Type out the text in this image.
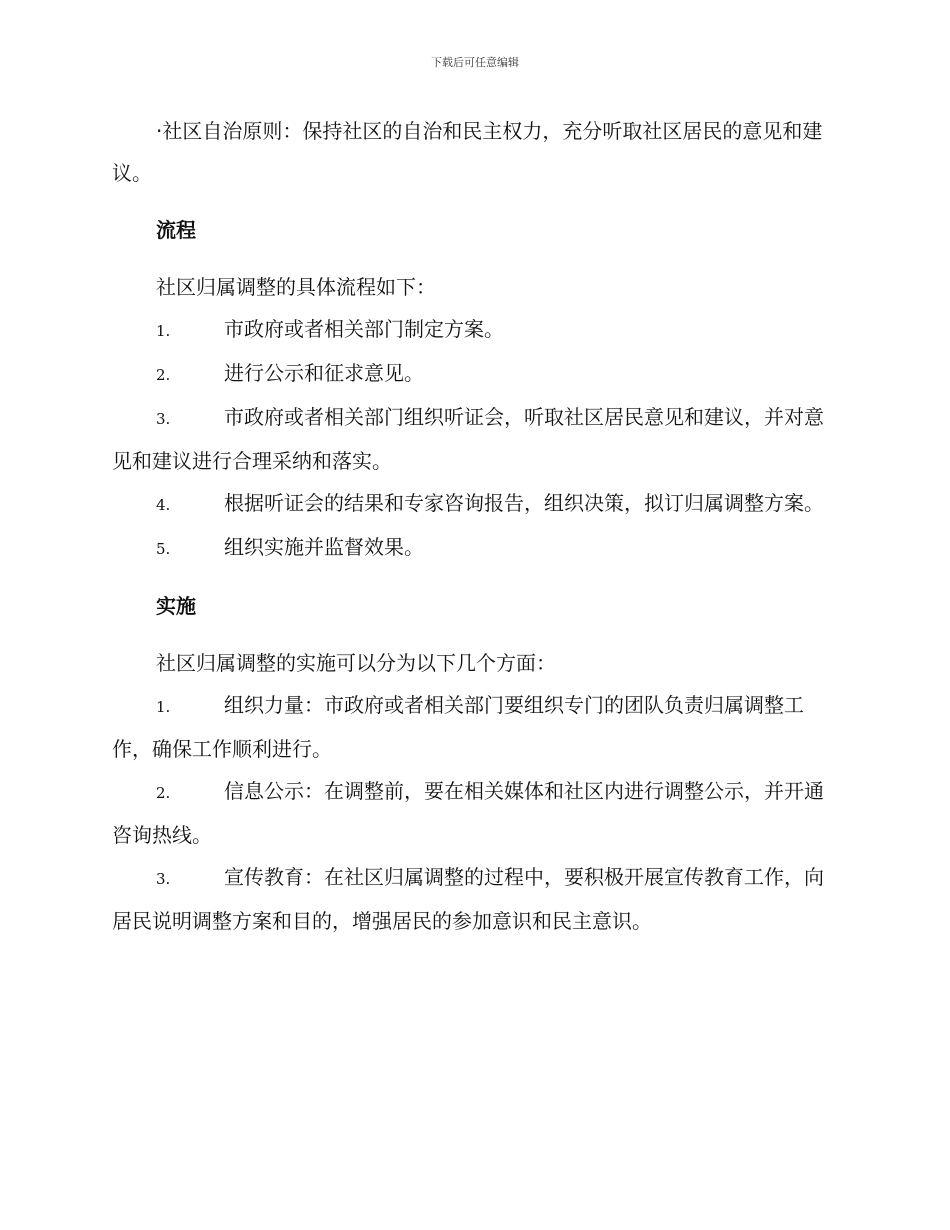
下载后可任意编辑

·社区自治原则：保持社区的自治和民主权力，充分听取社区居民的意见和建议。

流程

社区归属调整的具体流程如下：

1.	市政府或者相关部门制定方案。

2.	进行公示和征求意见。

3.	市政府或者相关部门组织听证会，听取社区居民意见和建议，并对意见和建议进行合理采纳和落实。

4.	根据听证会的结果和专家咨询报告，组织决策，拟订归属调整方案。

5.	组织实施并监督效果。

实施

社区归属调整的实施可以分为以下几个方面：

1.	组织力量：市政府或者相关部门要组织专门的团队负责归属调整工作，确保工作顺利进行。

2.	信息公示：在调整前，要在相关媒体和社区内进行调整公示，并开通咨询热线。

3.	宣传教育：在社区归属调整的过程中，要积极开展宣传教育工作，向居民说明调整方案和目的，增强居民的参加意识和民主意识。
